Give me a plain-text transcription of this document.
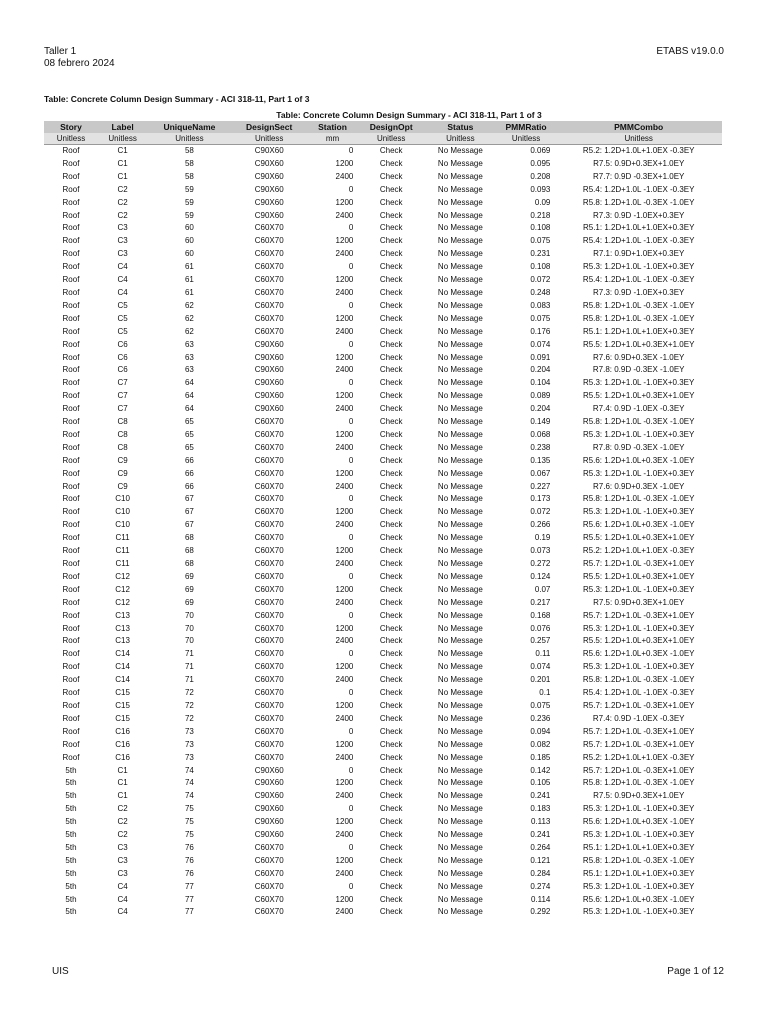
Taller 1
08 febrero 2024
ETABS v19.0.0
Table: Concrete Column Design Summary - ACI 318-11, Part 1 of 3
Table: Concrete Column Design Summary - ACI 318-11, Part 1 of 3
Story	Label	UniqueName	DesignSect	Station	DesignOpt	Status	PMMRatio	PMMCombo
Unitless	Unitless	Unitless	Unitless	mm	Unitless	Unitless	Unitless	Unitless
Roof	C1	58	C90X60	0	Check	No Message	0.069	R5.2: 1.2D+1.0L+1.0EX -0.3EY
Roof	C1	58	C90X60	1200	Check	No Message	0.095	R7.5: 0.9D+0.3EX+1.0EY
Roof	C1	58	C90X60	2400	Check	No Message	0.208	R7.7: 0.9D -0.3EX+1.0EY
Roof	C2	59	C90X60	0	Check	No Message	0.093	R5.4: 1.2D+1.0L -1.0EX -0.3EY
Roof	C2	59	C90X60	1200	Check	No Message	0.09	R5.8: 1.2D+1.0L -0.3EX -1.0EY
Roof	C2	59	C90X60	2400	Check	No Message	0.218	R7.3: 0.9D -1.0EX+0.3EY
Roof	C3	60	C60X70	0	Check	No Message	0.108	R5.1: 1.2D+1.0L+1.0EX+0.3EY
Roof	C3	60	C60X70	1200	Check	No Message	0.075	R5.4: 1.2D+1.0L -1.0EX -0.3EY
Roof	C3	60	C60X70	2400	Check	No Message	0.231	R7.1: 0.9D+1.0EX+0.3EY
Roof	C4	61	C60X70	0	Check	No Message	0.108	R5.3: 1.2D+1.0L -1.0EX+0.3EY
Roof	C4	61	C60X70	1200	Check	No Message	0.072	R5.4: 1.2D+1.0L -1.0EX -0.3EY
Roof	C4	61	C60X70	2400	Check	No Message	0.248	R7.3: 0.9D -1.0EX+0.3EY
Roof	C5	62	C60X70	0	Check	No Message	0.083	R5.8: 1.2D+1.0L -0.3EX -1.0EY
Roof	C5	62	C60X70	1200	Check	No Message	0.075	R5.8: 1.2D+1.0L -0.3EX -1.0EY
Roof	C5	62	C60X70	2400	Check	No Message	0.176	R5.1: 1.2D+1.0L+1.0EX+0.3EY
Roof	C6	63	C90X60	0	Check	No Message	0.074	R5.5: 1.2D+1.0L+0.3EX+1.0EY
Roof	C6	63	C90X60	1200	Check	No Message	0.091	R7.6: 0.9D+0.3EX -1.0EY
Roof	C6	63	C90X60	2400	Check	No Message	0.204	R7.8: 0.9D -0.3EX -1.0EY
Roof	C7	64	C90X60	0	Check	No Message	0.104	R5.3: 1.2D+1.0L -1.0EX+0.3EY
Roof	C7	64	C90X60	1200	Check	No Message	0.089	R5.5: 1.2D+1.0L+0.3EX+1.0EY
Roof	C7	64	C90X60	2400	Check	No Message	0.204	R7.4: 0.9D -1.0EX -0.3EY
Roof	C8	65	C60X70	0	Check	No Message	0.149	R5.8: 1.2D+1.0L -0.3EX -1.0EY
Roof	C8	65	C60X70	1200	Check	No Message	0.068	R5.3: 1.2D+1.0L -1.0EX+0.3EY
Roof	C8	65	C60X70	2400	Check	No Message	0.238	R7.8: 0.9D -0.3EX -1.0EY
Roof	C9	66	C60X70	0	Check	No Message	0.135	R5.6: 1.2D+1.0L+0.3EX -1.0EY
Roof	C9	66	C60X70	1200	Check	No Message	0.067	R5.3: 1.2D+1.0L -1.0EX+0.3EY
Roof	C9	66	C60X70	2400	Check	No Message	0.227	R7.6: 0.9D+0.3EX -1.0EY
Roof	C10	67	C60X70	0	Check	No Message	0.173	R5.8: 1.2D+1.0L -0.3EX -1.0EY
Roof	C10	67	C60X70	1200	Check	No Message	0.072	R5.3: 1.2D+1.0L -1.0EX+0.3EY
Roof	C10	67	C60X70	2400	Check	No Message	0.266	R5.6: 1.2D+1.0L+0.3EX -1.0EY
Roof	C11	68	C60X70	0	Check	No Message	0.19	R5.5: 1.2D+1.0L+0.3EX+1.0EY
Roof	C11	68	C60X70	1200	Check	No Message	0.073	R5.2: 1.2D+1.0L+1.0EX -0.3EY
Roof	C11	68	C60X70	2400	Check	No Message	0.272	R5.7: 1.2D+1.0L -0.3EX+1.0EY
Roof	C12	69	C60X70	0	Check	No Message	0.124	R5.5: 1.2D+1.0L+0.3EX+1.0EY
Roof	C12	69	C60X70	1200	Check	No Message	0.07	R5.3: 1.2D+1.0L -1.0EX+0.3EY
Roof	C12	69	C60X70	2400	Check	No Message	0.217	R7.5: 0.9D+0.3EX+1.0EY
Roof	C13	70	C60X70	0	Check	No Message	0.168	R5.7: 1.2D+1.0L -0.3EX+1.0EY
Roof	C13	70	C60X70	1200	Check	No Message	0.076	R5.3: 1.2D+1.0L -1.0EX+0.3EY
Roof	C13	70	C60X70	2400	Check	No Message	0.257	R5.5: 1.2D+1.0L+0.3EX+1.0EY
Roof	C14	71	C60X70	0	Check	No Message	0.11	R5.6: 1.2D+1.0L+0.3EX -1.0EY
Roof	C14	71	C60X70	1200	Check	No Message	0.074	R5.3: 1.2D+1.0L -1.0EX+0.3EY
Roof	C14	71	C60X70	2400	Check	No Message	0.201	R5.8: 1.2D+1.0L -0.3EX -1.0EY
Roof	C15	72	C60X70	0	Check	No Message	0.1	R5.4: 1.2D+1.0L -1.0EX -0.3EY
Roof	C15	72	C60X70	1200	Check	No Message	0.075	R5.7: 1.2D+1.0L -0.3EX+1.0EY
Roof	C15	72	C60X70	2400	Check	No Message	0.236	R7.4: 0.9D -1.0EX -0.3EY
Roof	C16	73	C60X70	0	Check	No Message	0.094	R5.7: 1.2D+1.0L -0.3EX+1.0EY
Roof	C16	73	C60X70	1200	Check	No Message	0.082	R5.7: 1.2D+1.0L -0.3EX+1.0EY
Roof	C16	73	C60X70	2400	Check	No Message	0.185	R5.2: 1.2D+1.0L+1.0EX -0.3EY
5th	C1	74	C90X60	0	Check	No Message	0.142	R5.7: 1.2D+1.0L -0.3EX+1.0EY
5th	C1	74	C90X60	1200	Check	No Message	0.105	R5.8: 1.2D+1.0L -0.3EX -1.0EY
5th	C1	74	C90X60	2400	Check	No Message	0.241	R7.5: 0.9D+0.3EX+1.0EY
5th	C2	75	C90X60	0	Check	No Message	0.183	R5.3: 1.2D+1.0L -1.0EX+0.3EY
5th	C2	75	C90X60	1200	Check	No Message	0.113	R5.6: 1.2D+1.0L+0.3EX -1.0EY
5th	C2	75	C90X60	2400	Check	No Message	0.241	R5.3: 1.2D+1.0L -1.0EX+0.3EY
5th	C3	76	C60X70	0	Check	No Message	0.264	R5.1: 1.2D+1.0L+1.0EX+0.3EY
5th	C3	76	C60X70	1200	Check	No Message	0.121	R5.8: 1.2D+1.0L -0.3EX -1.0EY
5th	C3	76	C60X70	2400	Check	No Message	0.284	R5.1: 1.2D+1.0L+1.0EX+0.3EY
5th	C4	77	C60X70	0	Check	No Message	0.274	R5.3: 1.2D+1.0L -1.0EX+0.3EY
5th	C4	77	C60X70	1200	Check	No Message	0.114	R5.6: 1.2D+1.0L+0.3EX -1.0EY
5th	C4	77	C60X70	2400	Check	No Message	0.292	R5.3: 1.2D+1.0L -1.0EX+0.3EY
UIS	Page 1 of 12
